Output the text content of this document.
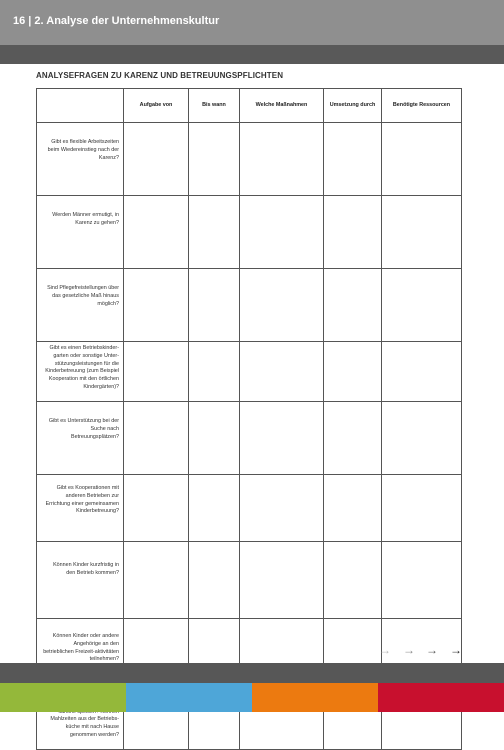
16 | 2. Analyse der Unternehmenskultur
ANALYSEFRAGEN ZU KARENZ UND BETREUUNGSPFLICHTEN
	Aufgabe von	Bis wann	Welche Maßnahmen	Umsetzung durch	Benötigte Ressourcen
Gibt es flexible Arbeitszeiten beim Wiedereinstieg nach der Karenz?					
Werden Männer ermutigt, in Karenz zu gehen?					
Sind Pflegefreistellungen über das gesetzliche Maß hinaus möglich?					
Gibt es einen Betriebskinder-garten oder sonstige Unter-stützungsleistungen für die Kinderbetreuung (zum Beispiel Kooperation mit den örtlichen Kindergärten)?					
Gibt es Unterstützung bei der Suche nach Betreuungsplätzen?					
Gibt es Kooperationen mit anderen Betrieben zur Errichtung einer gemeinsamen Kinderbetreuung?					
Können Kinder kurzfristig in den Betrieb kommen?					
Können Kinder oder andere Angehörige an den betrieblichen Freizeit-aktivitäten teilnehmen?					
Mahlzeiten aus der Betriebs-küche mit nach Hause genommen werden?					
→ → → →
